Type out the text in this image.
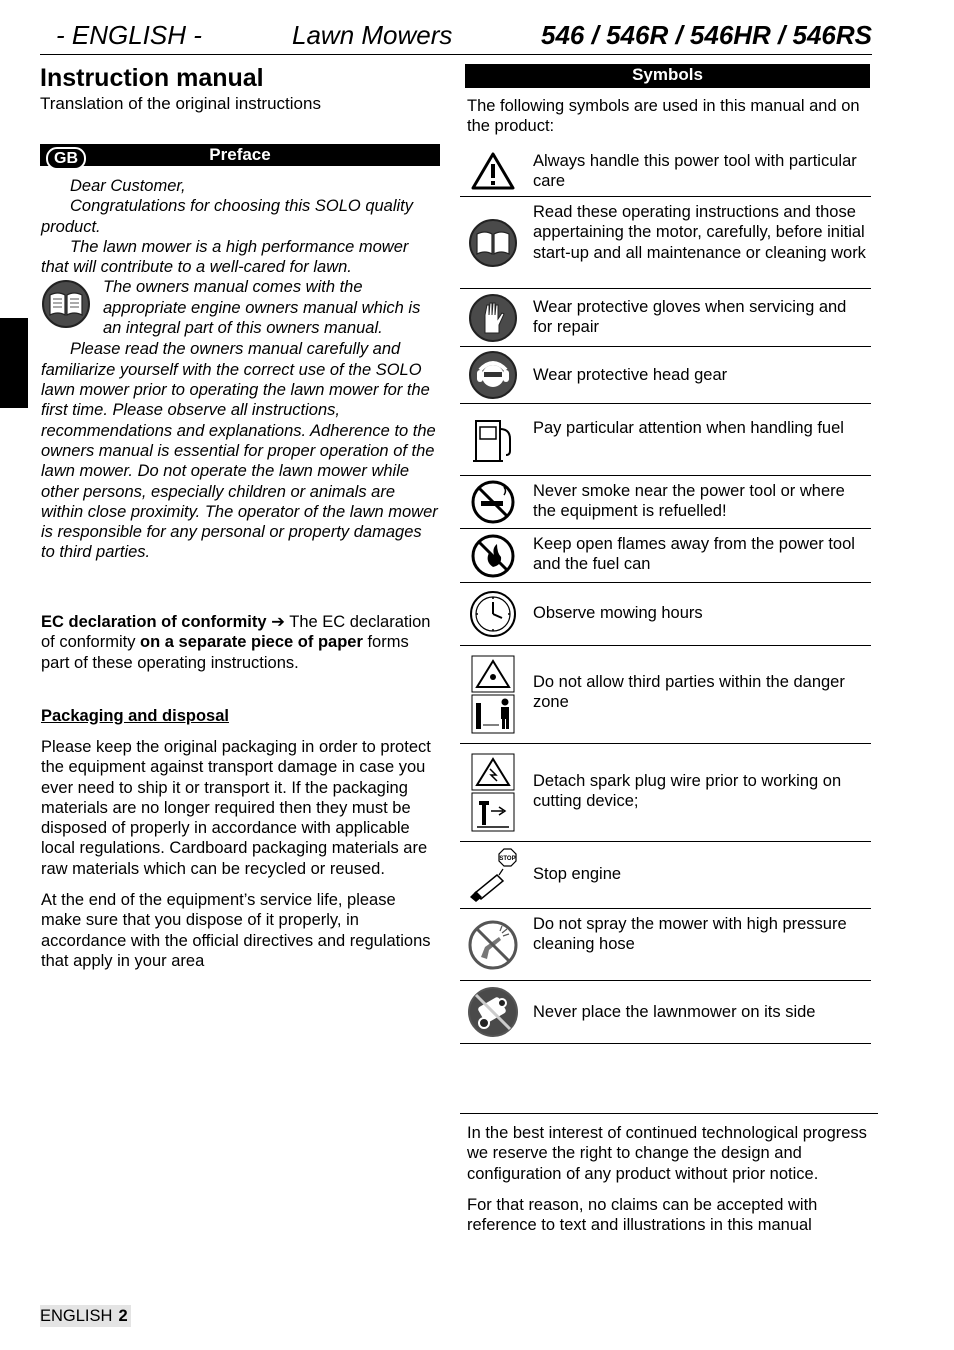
- ENGLISH -	Lawn Mowers	546 / 546R / 546HR / 546RS
Instruction manual

Translation of the original instructions

GB	Preface

Dear Customer,

Congratulations for choosing this SOLO quality product.

The lawn mower is a high performance mower that will contribute to a well-cared for lawn.

The owners manual comes with the appropriate engine owners manual which is an integral part of this owners manual.

Please read the owners manual carefully and familiarize yourself with the correct use of the SOLO lawn mower prior to operating the lawn mower for the first time. Please observe all instructions, recommendations and explanations. Adherence to the owners manual is essential for proper operation of the lawn mower. Do not operate the lawn mower while other persons, especially children or animals are within close proximity. The operator of the lawn mower is responsible for any personal or property damages to third parties.

EC declaration of conformity ➔ The EC declaration of conformity on a separate piece of paper forms part of these operating instructions.

Packaging and disposal

Please keep the original packaging in order to protect the equipment against transport damage in case you ever need to ship it or transport it. If the packaging materials are no longer required then they must be disposed of properly in accordance with applicable local regulations. Cardboard packaging materials are raw materials which can be recycled or reused.

At the end of the equipment’s service life, please make sure that you dispose of it properly, in accordance with the official directives and regulations that apply in your area

Symbols

The following symbols are used in this manual and on the product:

Always handle this power tool with particular care
Read these operating instructions and those appertaining the motor, carefully, before initial start-up and all maintenance or cleaning work
Wear protective gloves when servicing and for repair
Wear protective head gear
Pay particular attention when handling fuel
Never smoke near the power tool or where the equipment is refuelled!
Keep open flames away from the power tool and the fuel can
Observe mowing hours
Do not allow third parties within the danger zone
Detach spark plug wire prior to working on cutting device;
STOP
Stop engine
Do not spray the mower with high pressure cleaning hose
Never place the lawnmower on its side

In the best interest of continued technological progress we reserve the right to change the design and configuration of any product without prior notice.

For that reason, no claims can be accepted with reference to text and illustrations in this manual

ENGLISH 2
